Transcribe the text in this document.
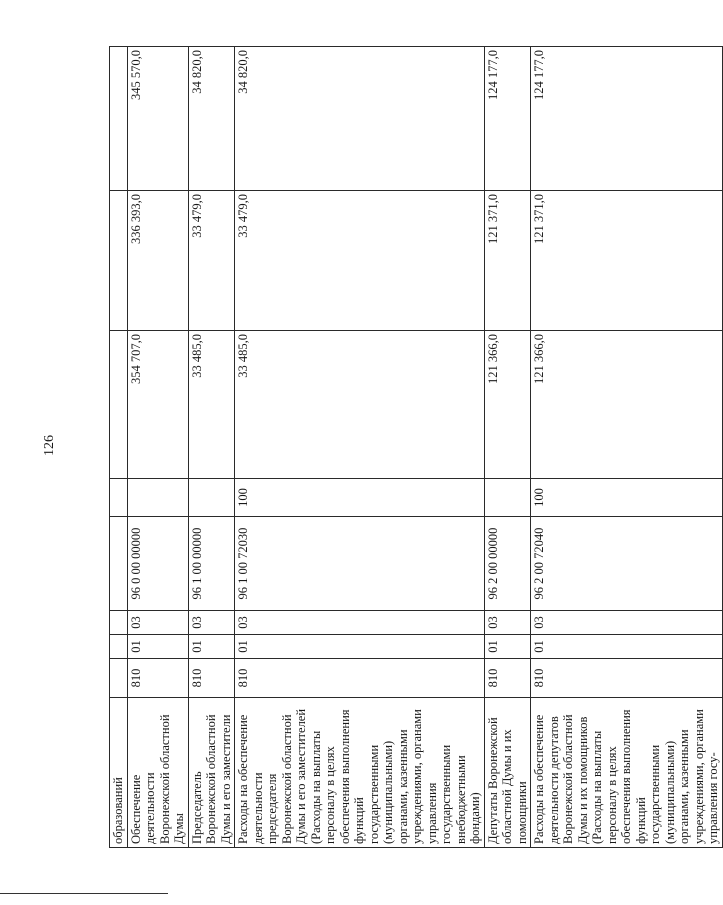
126
образований								
Обеспечение деятельности Воронежской областной Думы	810	01	03	96 0 00 00000		354 707,0	336 393,0	345 570,0
Председатель Воронежской областной Думы и его заместители	810	01	03	96 1 00 00000		33 485,0	33 479,0	34 820,0
Расходы на обеспечение деятельности председателя Воронежской областной Думы и его заместителей (Расходы на выплаты персоналу в целях обеспечения выполнения функций государственными (муниципальными) органами, казенными учреждениями, органами управления государственными внебюджетными фондами)	810	01	03	96 1 00 72030	100	33 485,0	33 479,0	34 820,0
Депутаты Воронежской областной Думы и их помощники	810	01	03	96 2 00 00000		121 366,0	121 371,0	124 177,0
Расходы на обеспечение деятельности депутатов Воронежской областной Думы и их помощников (Расходы на выплаты персоналу в целях обеспечения выполнения функций государственными (муниципальными) органами, казенными учреждениями, органами управления госу-	810	01	03	96 2 00 72040	100	121 366,0	121 371,0	124 177,0
